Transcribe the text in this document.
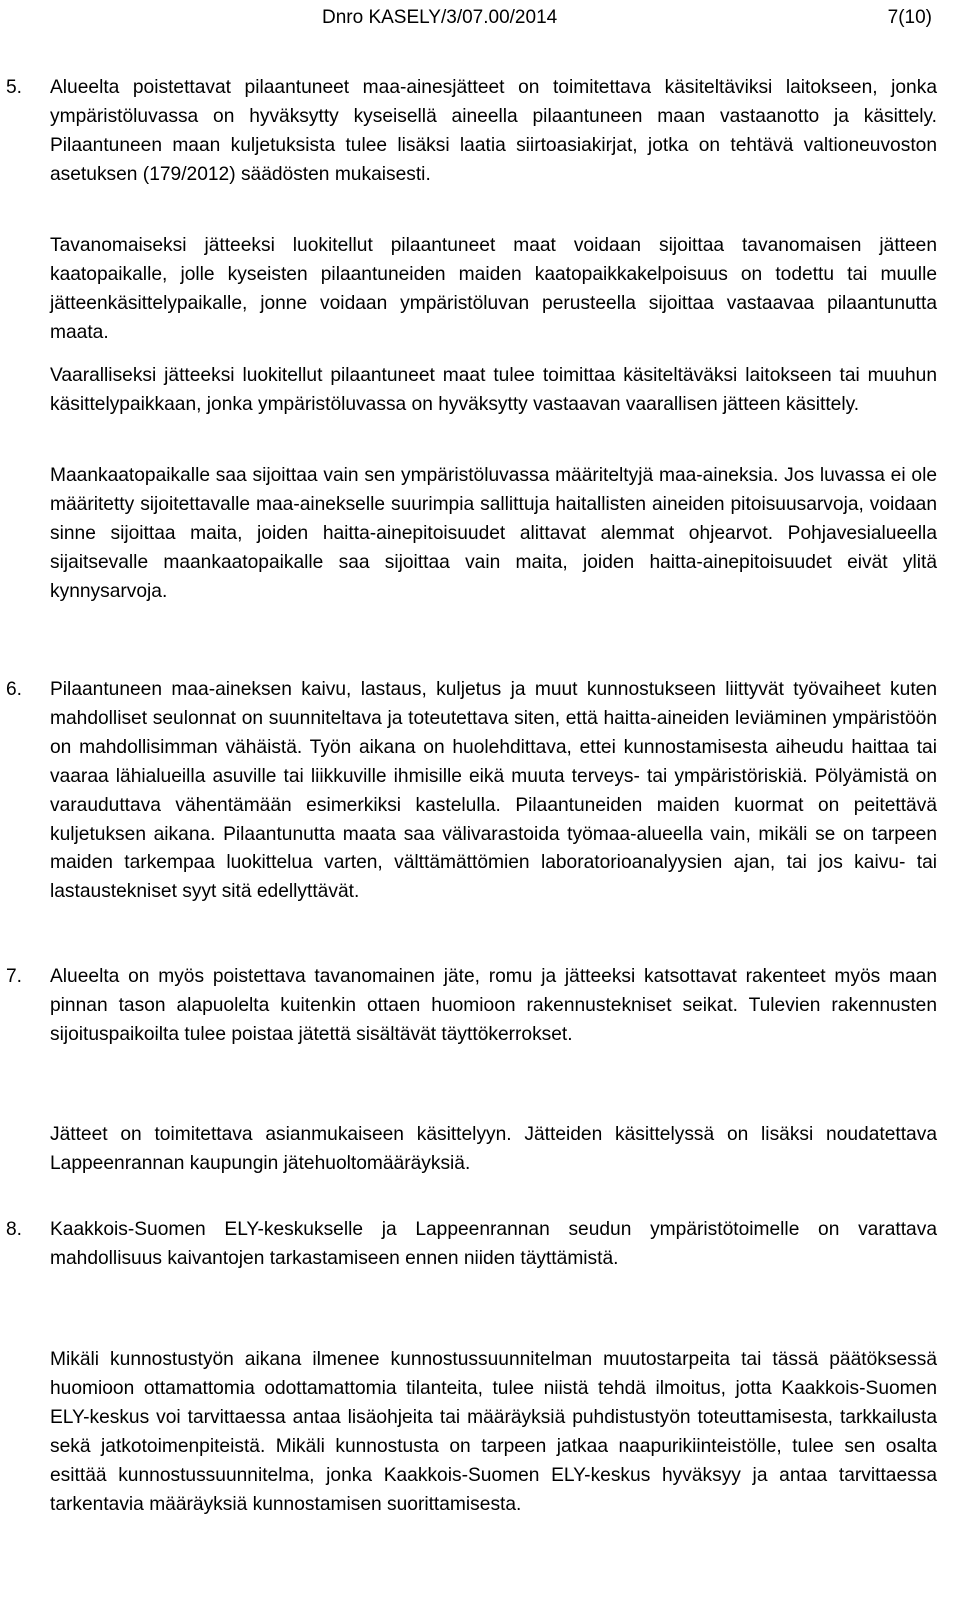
Dnro KASELY/3/07.00/2014	7(10)
5. Alueelta poistettavat pilaantuneet maa-ainesjätteet on toimitettava käsiteltäviksi laitokseen, jonka ympäristöluvassa on hyväksytty kyseisellä aineella pilaantuneen maan vastaanotto ja käsittely. Pilaantuneen maan kuljetuksista tulee lisäksi laatia siirtoasiakirjat, jotka on tehtävä valtioneuvoston asetuksen (179/2012) säädösten mukaisesti.

Tavanomaiseksi jätteeksi luokitellut pilaantuneet maat voidaan sijoittaa tavanomaisen jätteen kaatopaikalle, jolle kyseisten pilaantuneiden maiden kaatopaikkakelpoisuus on todettu tai muulle jätteenkäsittelypaikalle, jonne voidaan ympäristöluvan perusteella sijoittaa vastaavaa pilaantunutta maata.

Vaaralliseksi jätteeksi luokitellut pilaantuneet maat tulee toimittaa käsiteltäväksi laitokseen tai muuhun käsittelypaikkaan, jonka ympäristöluvassa on hyväksytty vastaavan vaarallisen jätteen käsittely.

Maankaatopaikalle saa sijoittaa vain sen ympäristöluvassa määriteltyjä maa-aineksia. Jos luvassa ei ole määritetty sijoitettavalle maa-ainekselle suurimpia sallittuja haitallisten aineiden pitoisuusarvoja, voidaan sinne sijoittaa maita, joiden haitta-ainepitoisuudet alittavat alemmat ohjearvot. Pohjavesialueella sijaitsevalle maankaatopaikalle saa sijoittaa vain maita, joiden haitta-ainepitoisuudet eivät ylitä kynnysarvoja.

6. Pilaantuneen maa-aineksen kaivu, lastaus, kuljetus ja muut kunnostukseen liittyvät työvaiheet kuten mahdolliset seulonnat on suunniteltava ja toteutettava siten, että haitta-aineiden leviäminen ympäristöön on mahdollisimman vähäistä. Työn aikana on huolehdittava, ettei kunnostamisesta aiheudu haittaa tai vaaraa lähialueilla asuville tai liikkuville ihmisille eikä muuta terveys- tai ympäristöriskiä. Pölyämistä on varauduttava vähentämään esimerkiksi kastelulla. Pilaantuneiden maiden kuormat on peitettävä kuljetuksen aikana. Pilaantunutta maata saa välivarastoida työmaa-alueella vain, mikäli se on tarpeen maiden tarkempaa luokittelua varten, välttämättömien laboratorioanalyysien ajan, tai jos kaivu- tai lastaustekniset syyt sitä edellyttävät.

7. Alueelta on myös poistettava tavanomainen jäte, romu ja jätteeksi katsottavat rakenteet myös maan pinnan tason alapuolelta kuitenkin ottaen huomioon rakennustekniset seikat. Tulevien rakennusten sijoituspaikoilta tulee poistaa jätettä sisältävät täyttökerrokset.

Jätteet on toimitettava asianmukaiseen käsittelyyn. Jätteiden käsittelyssä on lisäksi noudatettava Lappeenrannan kaupungin jätehuoltomääräyksiä.

8. Kaakkois-Suomen ELY-keskukselle ja Lappeenrannan seudun ympäristötoimelle on varattava mahdollisuus kaivantojen tarkastamiseen ennen niiden täyttämistä.

Mikäli kunnostustyön aikana ilmenee kunnostussuunnitelman muutostarpeita tai tässä päätöksessä huomioon ottamattomia odottamattomia tilanteita, tulee niistä tehdä ilmoitus, jotta Kaakkois-Suomen ELY-keskus voi tarvittaessa antaa lisäohjeita tai määräyksiä puhdistustyön toteuttamisesta, tarkkailusta sekä jatkotoimenpiteistä. Mikäli kunnostusta on tarpeen jatkaa naapurikiinteistölle, tulee sen osalta esittää kunnostussuunnitelma, jonka Kaakkois-Suomen ELY-keskus hyväksyy ja antaa tarvittaessa tarkentavia määräyksiä kunnostamisen suorittamisesta.
